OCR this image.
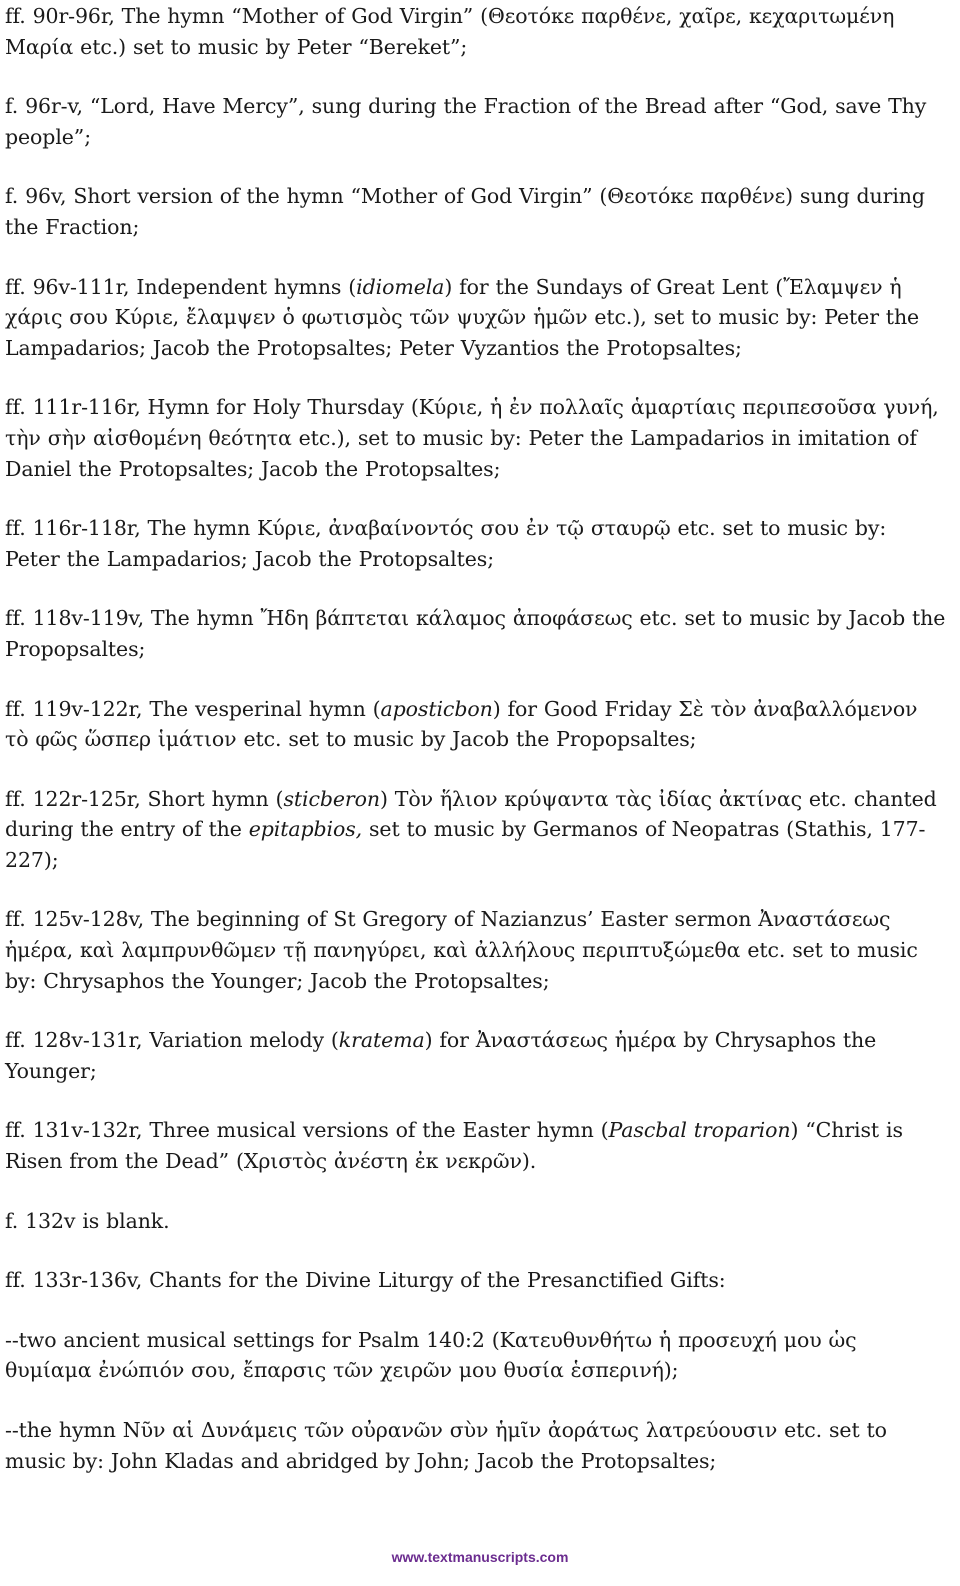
ff. 90r-96r, The hymn “Mother of God Virgin” (Θεοτόκε παρθένε, χαῖρε, κεχαριτωμένη Μαρία etc.) set to music by Peter “Bereket”;

f. 96r-v, “Lord, Have Mercy”, sung during the Fraction of the Bread after “God, save Thy people”;

f. 96v, Short version of the hymn “Mother of God Virgin” (Θεοτόκε παρθένε) sung during the Fraction;

ff. 96v-111r, Independent hymns (idiomela) for the Sundays of Great Lent (Ἔλαμψεν ἡ χάρις σου Κύριε, ἔλαμψεν ὁ φωτισμὸς τῶν ψυχῶν ἡμῶν etc.), set to music by: Peter the Lampadarios; Jacob the Protopsaltes; Peter Vyzantios the Protopsaltes;

ff. 111r-116r, Hymn for Holy Thursday (Κύριε, ἡ ἐν πολλαῖς ἁμαρτίαις περιπεσοῦσα γυνή, τὴν σὴν αἰσθομένη θεότητα etc.), set to music by: Peter the Lampadarios in imitation of Daniel the Protopsaltes; Jacob the Protopsaltes;

ff. 116r-118r, The hymn Κύριε, ἀναβαίνοντός σου ἐν τῷ σταυρῷ etc. set to music by: Peter the Lampadarios; Jacob the Protopsaltes;

ff. 118v-119v, The hymn Ἤδη βάπτεται κάλαμος ἀποφάσεως etc. set to music by Jacob the Propopsaltes;

ff. 119v-122r, The vesperinal hymn (aposticbon) for Good Friday Σὲ τὸν ἀναβαλλόμενον τὸ φῶς ὥσπερ ἱμάτιον etc. set to music by Jacob the Propopsaltes;

ff. 122r-125r, Short hymn (sticberon) Τὸν ἥλιον κρύψαντα τὰς ἰδίας ἀκτίνας etc. chanted during the entry of the epitapbios, set to music by Germanos of Neopatras (Stathis, 177-227);

ff. 125v-128v, The beginning of St Gregory of Nazianzus’ Easter sermon Ἀναστάσεως ἡμέρα, καὶ λαμπρυνθῶμεν τῇ πανηγύρει, καὶ ἀλλήλους περιπτυξώμεθα etc. set to music by: Chrysaphos the Younger; Jacob the Protopsaltes;

ff. 128v-131r, Variation melody (kratema) for Ἀναστάσεως ἡμέρα by Chrysaphos the Younger;

ff. 131v-132r, Three musical versions of the Easter hymn (Pascbal troparion) “Christ is Risen from the Dead” (Χριστὸς ἀνέστη ἐκ νεκρῶν).

f. 132v is blank.

ff. 133r-136v, Chants for the Divine Liturgy of the Presanctified Gifts:

--two ancient musical settings for Psalm 140:2 (Κατευθυνθήτω ἡ προσευχή μου ὡς θυμίαμα ἐνώπιόν σου, ἔπαρσις τῶν χειρῶν μου θυσία ἑσπερινή);

--the hymn Νῦν αἱ Δυνάμεις τῶν οὐρανῶν σὺν ἡμῖν ἀοράτως λατρεύουσιν etc. set to music by: John Kladas and abridged by John; Jacob the Protopsaltes;

www.textmanuscripts.com
